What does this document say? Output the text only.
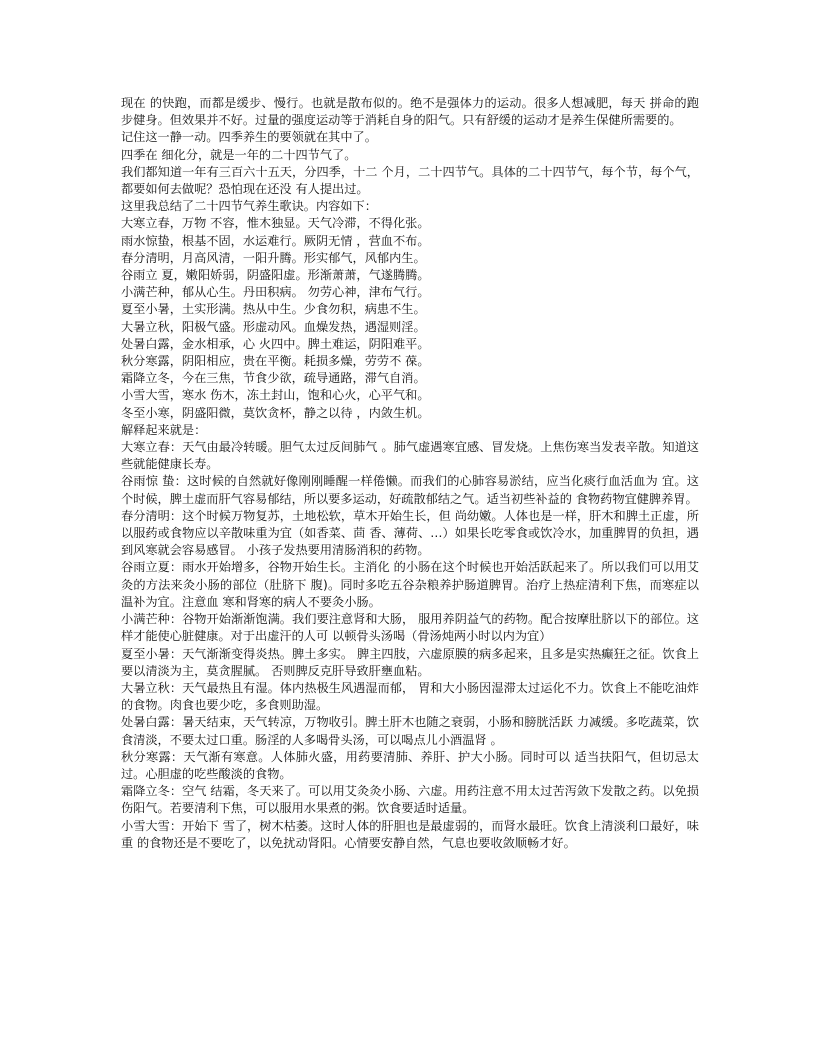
现在 的快跑，而都是缓步、慢行。也就是散布似的。绝不是强体力的运动。很多人想减肥，每天 拼命的跑步健身。但效果并不好。过量的强度运动等于消耗自身的阳气。只有舒缓的运动才是养生保健所需要的。

记住这一静一动。四季养生的要领就在其中了。

四季在 细化分，就是一年的二十四节气了。

我们都知道一年有三百六十五天，分四季，十二 个月，二十四节气。具体的二十四节气，每个节，每个气，都要如何去做呢？恐怕现在还没 有人提出过。

这里我总结了二十四节气养生歌诀。内容如下：

大寒立春，万物 不容，惟木独显。天气冷滞，不得化张。

雨水惊蛰，根基不固，水运难行。厥阴无情 ，营血不布。

春分清明，月高风清，一阳升腾。形实郁气，风郁内生。

谷雨立 夏，嫩阳娇弱，阴盛阳虚。形渐萧萧，气遂腾腾。

小满芒种，郁从心生。丹田积病。 勿劳心神，津布气行。

夏至小暑，土实形满。热从中生。少食勿积，病患不生。

大暑立秋，阳极气盛。形虚动风。血燥发热，遇湿则淫。

处暑白露，金水相承，心 火四中。脾土难运，阴阳难平。

秋分寒露，阴阳相应，贵在平衡。耗损多燥，劳劳不 葆。

霜降立冬，今在三焦，节食少欲，疏导通路，滞气自消。

小雪大雪，寒水 伤木，冻土封山，饱和心火，心平气和。

冬至小寒，阴盛阳微，莫饮贪杯，静之以待 ，内敛生机。

解释起来就是：

大寒立春：天气由最冷转暖。胆气太过反间肺气 。肺气虚遇寒宜感、冒发烧。上焦伤寒当发表辛散。知道这些就能健康长寿。

谷雨惊 蛰：这时候的自然就好像刚刚睡醒一样倦懒。而我们的心肺容易淤结，应当化痰行血活血为 宜。这个时候，脾土虚而肝气容易郁结，所以要多运动，好疏散郁结之气。适当初些补益的 食物药物宜健脾养胃。

春分清明：这个时候万物复苏，土地松软，草木开始生长，但 尚幼嫩。人体也是一样，肝木和脾土正虚，所以服药或食物应以辛散味重为宜（如香菜、茴 香、薄荷、…）如果长吃零食或饮冷水，加重脾胃的负担，遇到风寒就会容易感冒。 小孩子发热要用清肠消积的药物。

谷雨立夏：雨水开始增多，谷物开始生长。主消化 的小肠在这个时候也开始活跃起来了。所以我们可以用艾灸的方法来灸小肠的部位（肚脐下 腹)。同时多吃五谷杂粮养护肠道脾胃。治疗上热症清利下焦，而寒症以温补为宜。注意血 寒和肾寒的病人不要灸小肠。

小满芒种：谷物开始渐渐饱满。我们要注意肾和大肠， 服用养阴益气的药物。配合按摩肚脐以下的部位。这样才能使心脏健康。对于出虚汗的人可 以顿骨头汤喝（骨汤炖两小时以内为宜）

夏至小暑：天气渐渐变得炎热。脾土多实。 脾主四肢，六虚原膜的病多起来，且多是实热癫狂之征。饮食上要以清淡为主，莫贪腥腻。 否则脾反克肝导致肝壅血粘。

大暑立秋：天气最热且有湿。体内热极生风遇湿而郁， 胃和大小肠因湿滞太过运化不力。饮食上不能吃油炸的食物。肉食也要少吃，多食则助湿。

处暑白露：暑天结束，天气转凉，万物收引。脾土肝木也随之衰弱，小肠和膀胱活跃 力减缓。多吃蔬菜，饮食清淡，不要太过口重。肠淫的人多喝骨头汤，可以喝点儿小酒温肾 。

秋分寒露：天气渐有寒意。人体肺火盛，用药要清肺、养肝、护大小肠。同时可以 适当扶阳气，但切忌太过。心胆虚的吃些酸淡的食物。

霜降立冬：空气 结霜，冬天来了。可以用艾灸灸小肠、六虚。用药注意不用太过苦泻敛下发散之药。以免损 伤阳气。若要清利下焦，可以服用水果煮的粥。饮食要适时适量。

小雪大雪：开始下 雪了，树木枯萎。这时人体的肝胆也是最虚弱的，而肾水最旺。饮食上清淡利口最好，味重 的食物还是不要吃了，以免扰动肾阳。心情要安静自然，气息也要收敛顺畅才好。
